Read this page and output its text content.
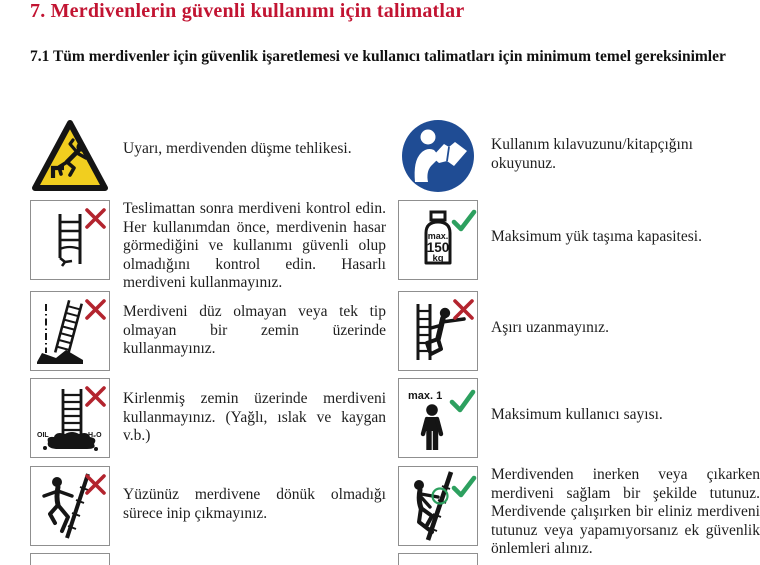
7. Merdivenlerin güvenli kullanımı için talimatlar
7.1 Tüm merdivenler için güvenlik işaretlemesi ve kullanıcı talimatları için minimum temel gereksinimler
Uyarı, merdivenden düşme tehlikesi.	Kullanım kılavuzunu/kitapçığını okuyunuz.
Teslimattan sonra merdiveni kontrol edin. Her kullanımdan önce, merdivenin hasar görmediğini ve kullanımı güvenli olup olmadığını kontrol edin. Hasarlı merdiveni kullanmayınız.
max.
150
kg
Maksimum yük taşıma kapasitesi.
Merdiveni düz olmayan veya tek tip olmayan bir zemin üzerinde kullanmayınız.
Aşırı uzanmayınız.
OIL	H₂O
Kirlenmiş zemin üzerinde merdiveni kullanmayınız. (Yağlı, ıslak ve kaygan v.b.)
max. 1
Maksimum kullanıcı sayısı.
Yüzünüz merdivene dönük olmadığı sürece inip çıkmayınız.
Merdivenden inerken veya çıkarken merdiveni sağlam bir şekilde tutunuz. Merdivende çalışırken bir eliniz merdiveni tutunuz veya yapamıyorsanız ek güvenlik önlemleri alınız.
